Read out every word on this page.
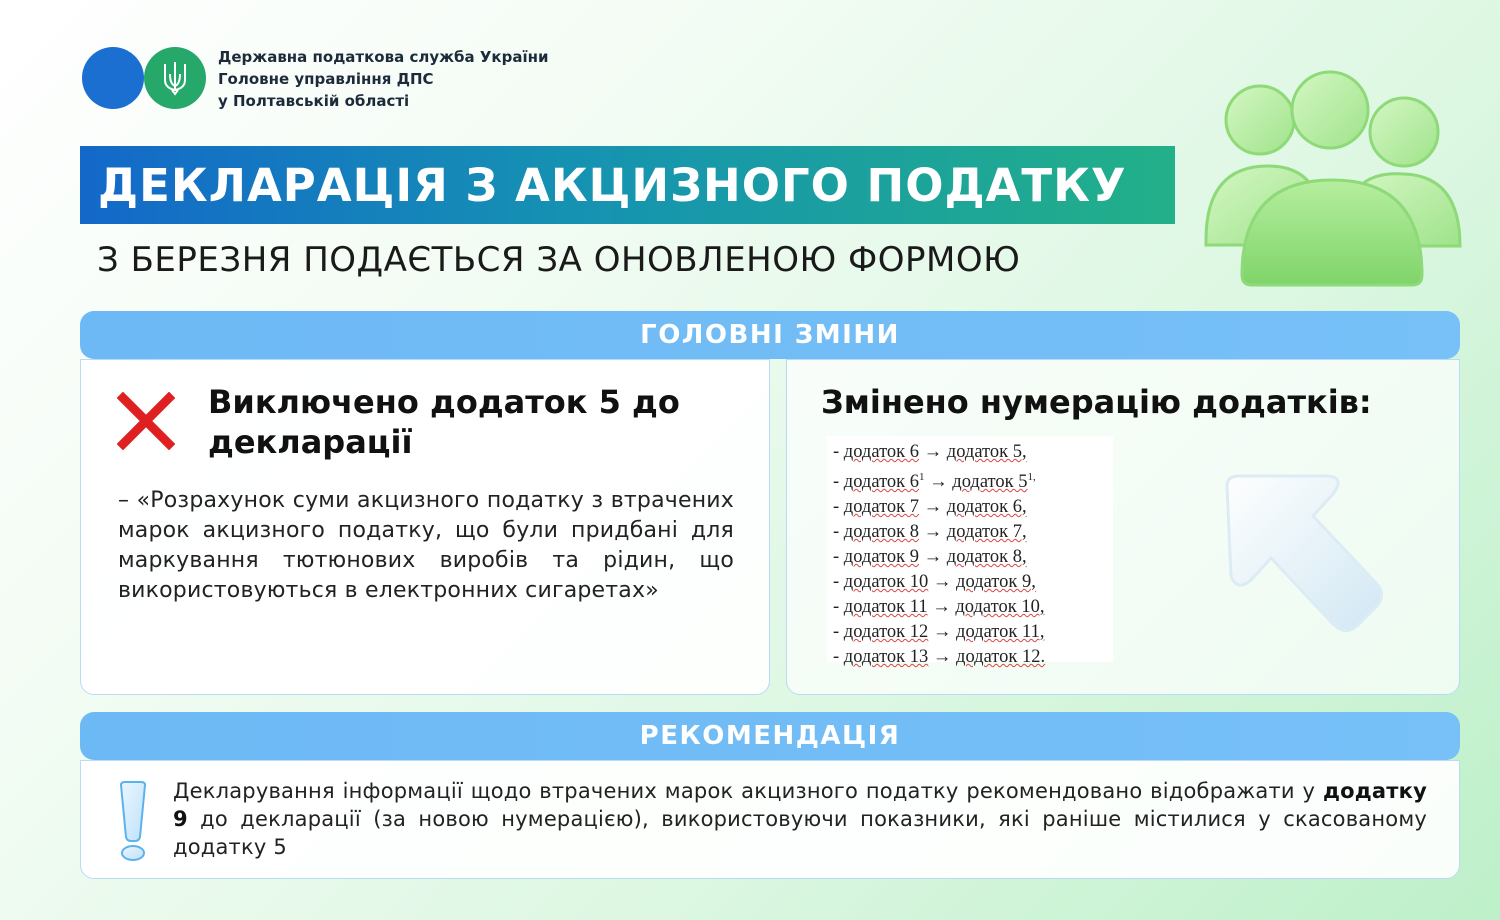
Державна податкова служба України
Головне управління ДПС
у Полтавській області
ДЕКЛАРАЦІЯ З АКЦИЗНОГО ПОДАТКУ
З БЕРЕЗНЯ ПОДАЄТЬСЯ ЗА ОНОВЛЕНОЮ ФОРМОЮ
ГОЛОВНІ ЗМІНИ
Виключено додаток 5 до декларації
– «Розрахунок суми акцизного податку з втрачених марок акцизного податку, що були придбані для маркування тютюнових виробів та рідин, що використовуються в електронних сигаретах»
Змінено нумерацію додатків:
- додаток 6 → додаток 5,
- додаток $6^1$ → додаток $5^{1,}$
- додаток 7 → додаток 6,
- додаток 8 → додаток 7,
- додаток 9 → додаток 8,
- додаток 10 → додаток 9,
- додаток 11 → додаток 10,
- додаток 12 → додаток 11,
- додаток 13 → додаток 12.
РЕКОМЕНДАЦІЯ
Декларування інформації щодо втрачених марок акцизного податку рекомендовано відображати у додатку 9 до декларації (за новою нумерацією), використовуючи показники, які раніше містилися у скасованому додатку 5
